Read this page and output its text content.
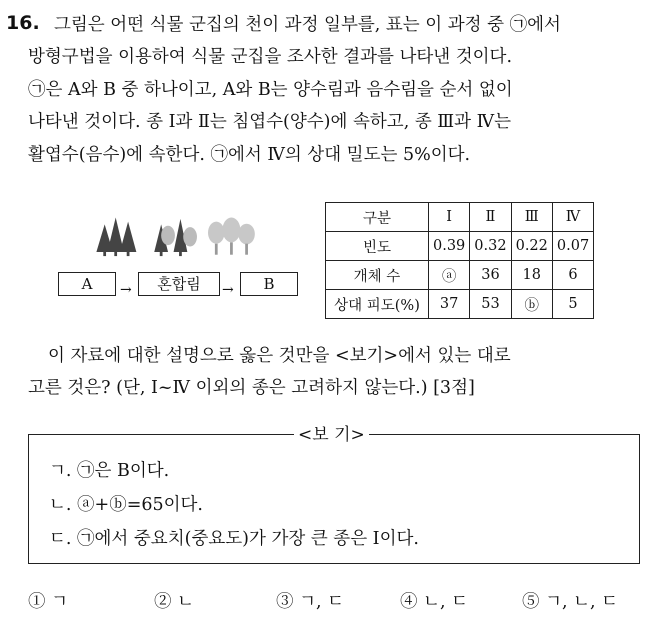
16. 그림은 어떤 식물 군집의 천이 과정 일부를, 표는 이 과정 중 ㉠에서
방형구법을 이용하여 식물 군집을 조사한 결과를 나타낸 것이다.
㉠은 A와 B 중 하나이고, A와 B는 양수림과 음수림을 순서 없이
나타낸 것이다. 종 Ⅰ과 Ⅱ는 침엽수(양수)에 속하고, 종 Ⅲ과 Ⅳ는
활엽수(음수)에 속한다. ㉠에서 Ⅳ의 상대 밀도는 5%이다.
A	→	혼합림	→	B
구분	Ⅰ	Ⅱ	Ⅲ	Ⅳ
빈도	0.39	0.32	0.22	0.07
개체 수	ⓐ	36	18	6
상대 피도(%)	37	53	ⓑ	5
이 자료에 대한 설명으로 옳은 것만을 <보기>에서 있는 대로
고른 것은? (단, Ⅰ~Ⅳ 이외의 종은 고려하지 않는다.) [3점]
ㄱ. ㉠은 B이다.
ㄴ. ⓐ+ⓑ=65이다.
ㄷ. ㉠에서 중요치(중요도)가 가장 큰 종은 Ⅰ이다.
<보 기>
① ㄱ	② ㄴ	③ ㄱ, ㄷ	④ ㄴ, ㄷ	⑤ ㄱ, ㄴ, ㄷ
